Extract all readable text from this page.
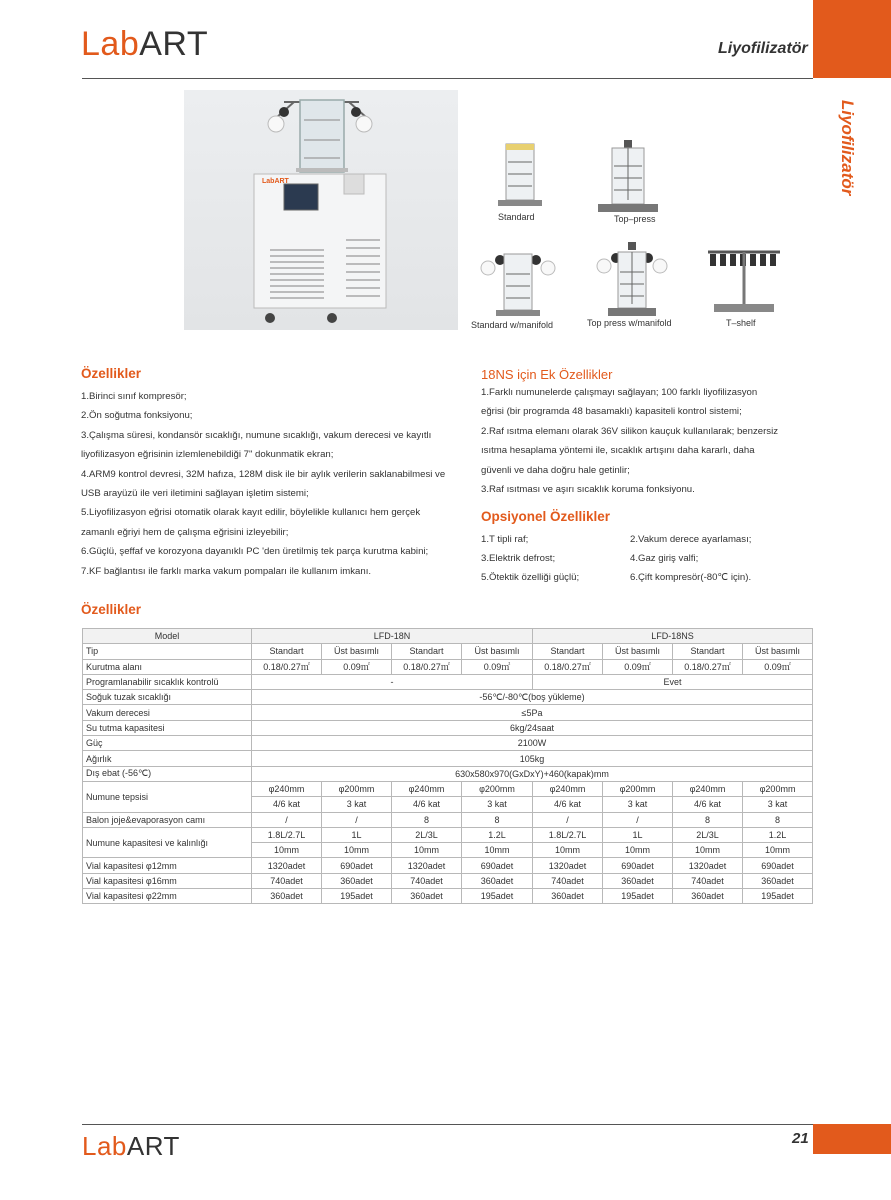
LabART	Liyofilizatör
Liyofilizatör
LabART
Standard	Top–press
Standard w/manifold	Top press w/manifold	T–shelf
Özellikler
1.Birinci sınıf kompresör;
2.Ön soğutma fonksiyonu;
3.Çalışma süresi, kondansör sıcaklığı, numune sıcaklığı, vakum derecesi ve kayıtlı
liyofilizasyon eğrisinin izlemlenebildiği 7" dokunmatik ekran;
4.ARM9 kontrol devresi, 32M hafıza, 128M disk ile bir aylık verilerin saklanabilmesi ve
USB arayüzü ile veri iletimini sağlayan işletim sistemi;
5.Liyofilizasyon eğrisi otomatik olarak kayıt edilir, böylelikle kullanıcı hem gerçek
zamanlı eğriyi hem de çalışma eğrisini izleyebilir;
6.Güçlü, şeffaf ve korozyona dayanıklı PC 'den üretilmiş tek parça kurutma kabini;
7.KF bağlantısı ile farklı marka vakum pompaları ile kullanım imkanı.
18NS için Ek Özellikler
1.Farklı numunelerde çalışmayı sağlayan; 100 farklı liyofilizasyon
eğrisi (bir programda 48 basamaklı) kapasiteli kontrol sistemi;
2.Raf ısıtma elemanı olarak 36V silikon kauçuk kullanılarak; benzersiz
ısıtma hesaplama yöntemi ile, sıcaklık artışını daha kararlı, daha
güvenli ve daha doğru hale getinlir;
3.Raf ısıtması ve aşırı sıcaklık koruma fonksiyonu.
Opsiyonel Özellikler
1.T tipli raf;	2.Vakum derece ayarlaması;
3.Elektrik defrost;	4.Gaz giriş valfi;
5.Ötektik özelliği güçlü;	6.Çift kompresör(-80℃ için).
Özellikler
Model	LFD-18N				LFD-18NS			
Tip	Standart	Üst basımlı	Standart	Üst basımlı	Standart	Üst basımlı	Standart	Üst basımlı
Kurutma alanı	0.18/0.27㎡	0.09㎡	0.18/0.27㎡	0.09㎡	0.18/0.27㎡	0.09㎡	0.18/0.27㎡	0.09㎡
Programlanabilir sıcaklık kontrolü	-				Evet			
Soğuk tuzak sıcaklığı	-56℃/-80℃(boş yükleme)							
Vakum derecesi	≤5Pa							
Su tutma kapasitesi	6kg/24saat							
Güç	2100W							
Ağırlık	105kg							
Dış ebat (-56℃)	630x580x970(GxDxY)+460(kapak)mm							
Numune tepsisi	φ240mm	φ200mm	φ240mm	φ200mm	φ240mm	φ200mm	φ240mm	φ200mm
	4/6 kat	3 kat	4/6 kat	3 kat	4/6 kat	3 kat	4/6 kat	3 kat
Balon joje&evaporasyon camı	/	/	8	8	/	/	8	8
Numune kapasitesi ve kalınlığı	1.8L/2.7L	1L	2L/3L	1.2L	1.8L/2.7L	1L	2L/3L	1.2L
	10mm	10mm	10mm	10mm	10mm	10mm	10mm	10mm
Vial kapasitesi φ12mm	1320adet	690adet	1320adet	690adet	1320adet	690adet	1320adet	690adet
Vial kapasitesi φ16mm	740adet	360adet	740adet	360adet	740adet	360adet	740adet	360adet
Vial kapasitesi φ22mm	360adet	195adet	360adet	195adet	360adet	195adet	360adet	195adet
LabART	21
